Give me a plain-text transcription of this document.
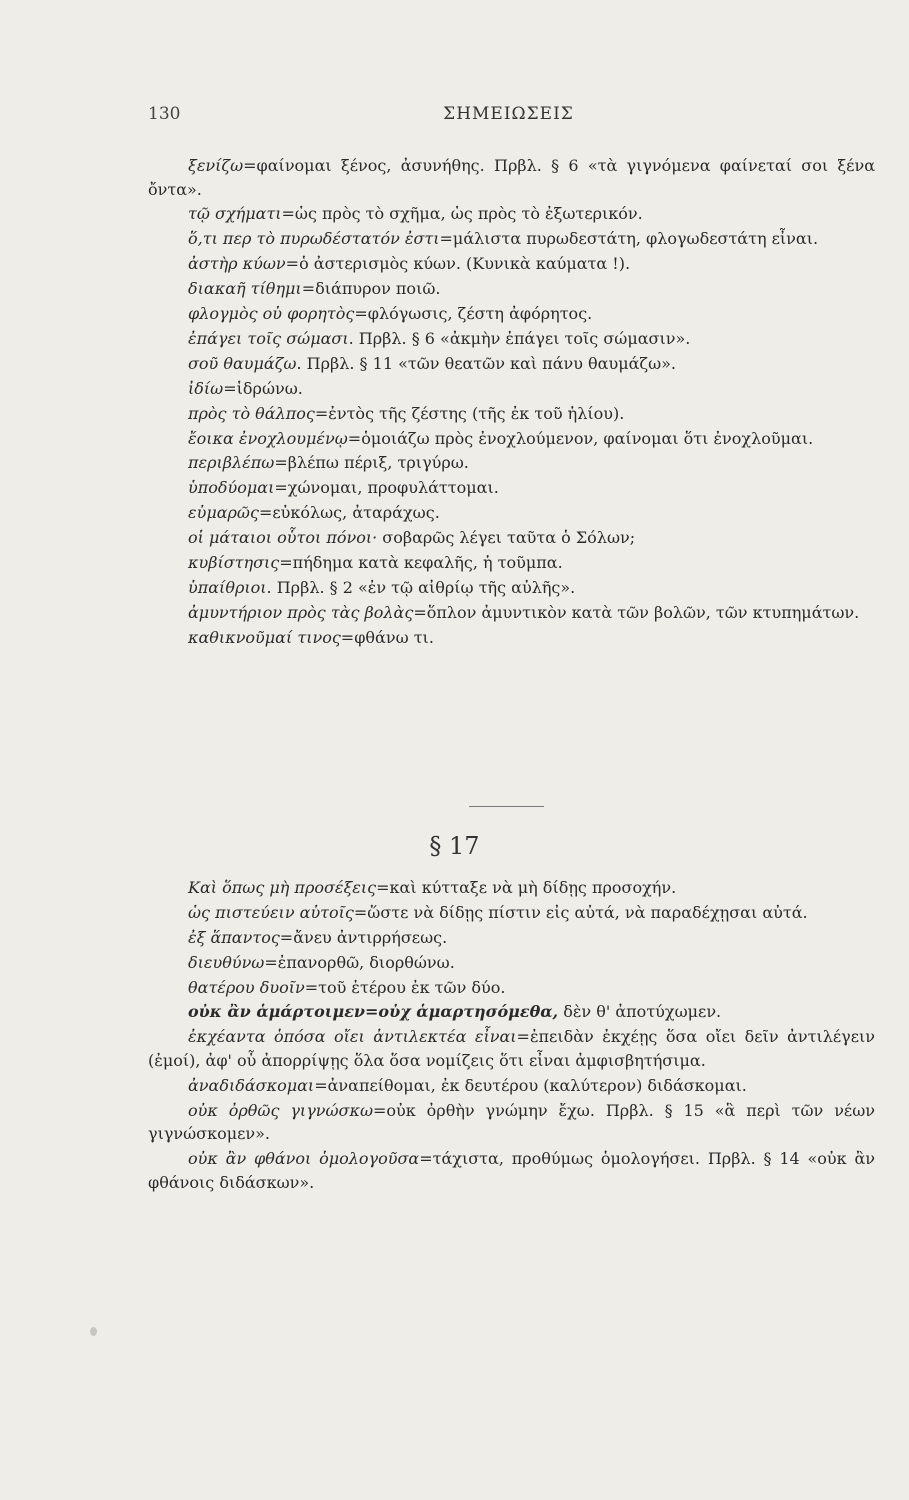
130	ΣΗΜΕΙΩΣΕΙΣ

ξενίζω=φαίνομαι ξένος, ἀσυνήθης. Πρβλ. § 6 «τὰ γιγνόμενα φαίνεταί σοι ξένα ὄντα».

τῷ σχήματι=ὡς πρὸς τὸ σχῆμα, ὡς πρὸς τὸ ἐξωτερικόν.

ὅ,τι περ τὸ πυρωδέστατόν ἐστι=μάλιστα πυρωδεστάτη, φλογωδεστάτη εἶναι.

ἀστὴρ κύων=ὁ ἀστερισμὸς κύων. (Κυνικὰ καύματα !).

διακαῆ τίθημι=διάπυρον ποιῶ.

φλογμὸς οὐ φορητὸς=φλόγωσις, ζέστη ἀφόρητος.

ἐπάγει τοῖς σώμασι. Πρβλ. § 6 «ἀκμὴν ἐπάγει τοῖς σώμασιν».

σοῦ θαυμάζω. Πρβλ. § 11 «τῶν θεατῶν καὶ πάνυ θαυμάζω».

ἰδίω=ἱδρώνω.

πρὸς τὸ θάλπος=ἐντὸς τῆς ζέστης (τῆς ἐκ τοῦ ἡλίου).

ἔοικα ἐνοχλουμένῳ=ὁμοιάζω πρὸς ἐνοχλούμενον, φαίνομαι ὅτι ἐνοχλοῦμαι.

περιβλέπω=βλέπω πέριξ, τριγύρω.

ὑποδύομαι=χώνομαι, προφυλάττομαι.

εὐμαρῶς=εὐκόλως, ἀταράχως.

οἱ μάταιοι οὗτοι πόνοι· σοβαρῶς λέγει ταῦτα ὁ Σόλων;

κυβίστησις=πήδημα κατὰ κεφαλῆς, ἡ τοῦμπα.

ὑπαίθριοι. Πρβλ. § 2 «ἐν τῷ αἰθρίῳ τῆς αὐλῆς».

ἀμυντήριον πρὸς τὰς βολὰς=ὅπλον ἀμυντικὸν κατὰ τῶν βολῶν, τῶν κτυπημάτων.

καθικνοῦμαί τινος=φθάνω τι.

§ 17

Καὶ ὅπως μὴ προσέξεις=καὶ κύτταξε νὰ μὴ δίδῃς προσοχήν.

ὡς πιστεύειν αὐτοῖς=ὥστε νὰ δίδῃς πίστιν εἰς αὐτά, νὰ παραδέχῃσαι αὐτά.

ἐξ ἅπαντος=ἄνευ ἀντιρρήσεως.

διευθύνω=ἐπανορθῶ, διορθώνω.

θατέρου δυοῖν=τοῦ ἑτέρου ἐκ τῶν δύο.

οὐκ ἂν ἁμάρτοιμεν=οὐχ ἁμαρτησόμεθα, δὲν θ' ἀποτύχωμεν.

ἐκχέαντα ὁπόσα οἴει ἀντιλεκτέα εἶναι=ἐπειδὰν ἐκχέῃς ὅσα οἴει δεῖν ἀντιλέγειν (ἐμοί), ἀφ' οὗ ἀπορρίψῃς ὅλα ὅσα νομίζεις ὅτι εἶναι ἀμφισβητήσιμα.

ἀναδιδάσκομαι=ἀναπείθομαι, ἐκ δευτέρου (καλύτερον) διδάσκομαι.

οὐκ ὀρθῶς γιγνώσκω=οὐκ ὀρθὴν γνώμην ἔχω. Πρβλ. § 15 «ἃ περὶ τῶν νέων γιγνώσκομεν».

οὐκ ἂν φθάνοι ὁμολογοῦσα=τάχιστα, προθύμως ὁμολογήσει. Πρβλ. § 14 «οὐκ ἂν φθάνοις διδάσκων».
